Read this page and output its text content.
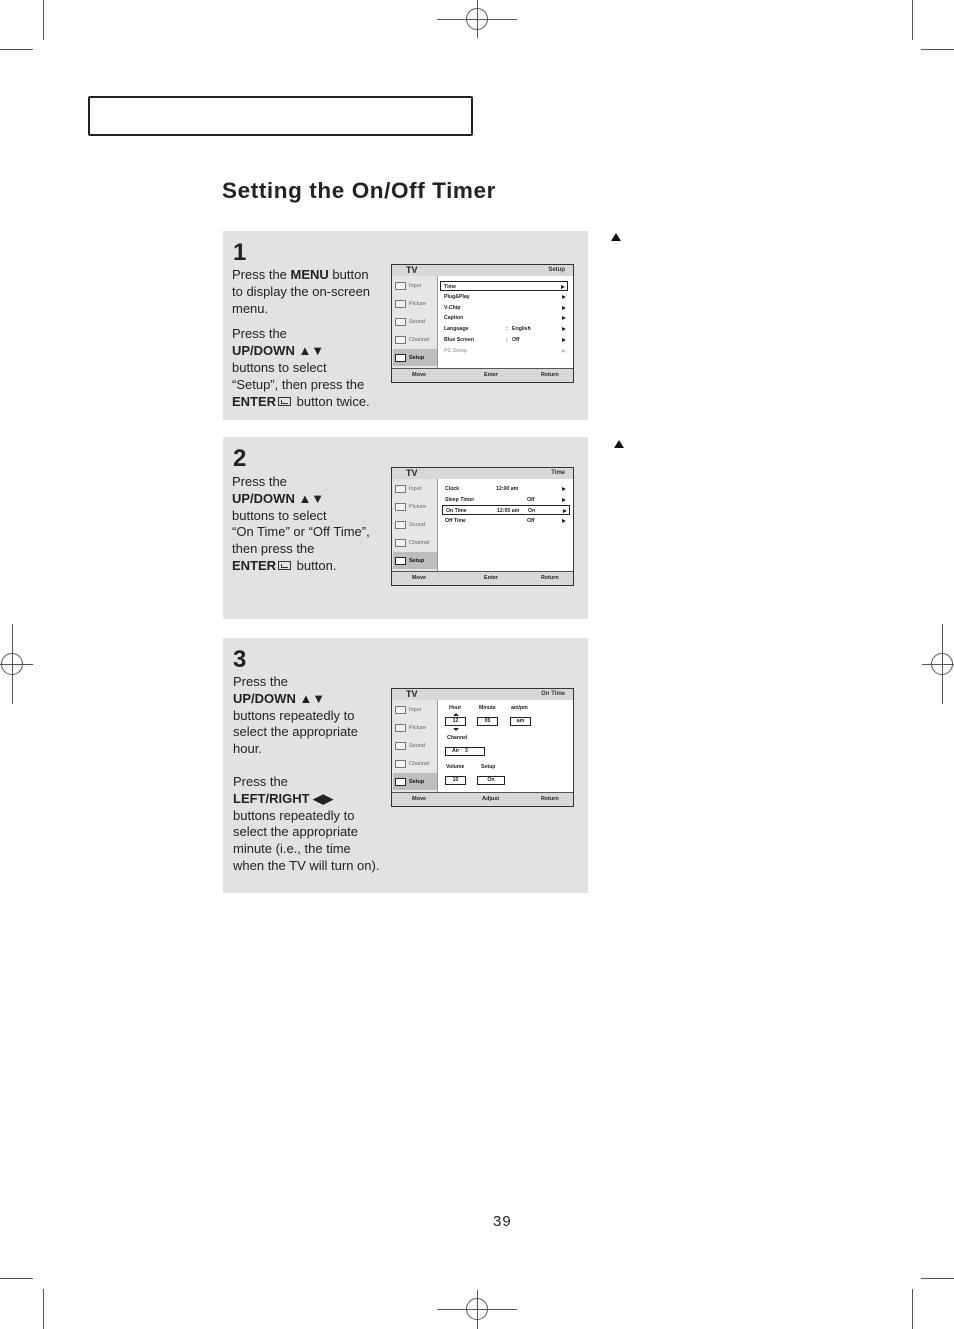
Setting the On/Off Timer
1

Press the MENU button

to display the on-screen

menu.

Press the

UP/DOWN ▲▼

buttons to select

“Setup”, then press the

ENTER button twice.

TV	Setup
Input
Picture
Sound
Channel
Setup
Time
Plug&Play
V-Chip
Caption
Language	: English
Blue Screen	: Off
PC Setup
Move	Enter	Return
2

Press the

UP/DOWN ▲▼

buttons to select

“On Time” or “Off Time”,

then press the

ENTER button.

TV	Time
Input
Picture
Sound
Channel
Setup
Clock	12:00 am
Sleep Timer	Off
On Time	12:05 am On
Off Time	Off
Move	Enter	Return
3

Press the

UP/DOWN ▲▼

buttons repeatedly to

select the appropriate

hour.

Press the

LEFT/RIGHT ◀▶

buttons repeatedly to

select the appropriate

minute (i.e., the time

when the TV will turn on).

TV	On Time
Input
Picture
Sound
Channel
Setup
Hour	Minute	am/pm
12	05	am
Channel
Air    3
Volume	Setup
10	On
Move	Adjust	Return
39
